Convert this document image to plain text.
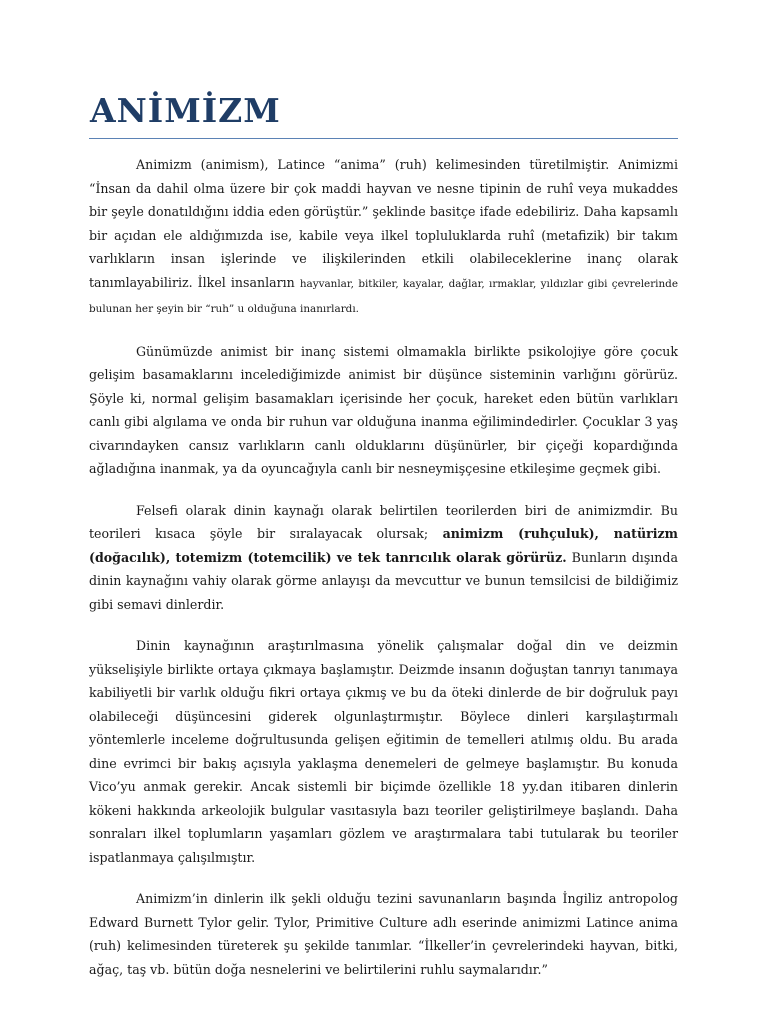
ANİMİZM

Animizm (animism), Latince “anima” (ruh) kelimesinden türetilmiştir. Animizmi “İnsan da dahil olma üzere bir çok maddi hayvan ve nesne tipinin de ruhî veya mukaddes bir şeyle donatıldığını iddia eden görüştür.” şeklinde basitçe ifade edebiliriz. Daha kapsamlı bir açıdan ele aldığımızda ise, kabile veya ilkel topluluklarda ruhî (metafizik) bir takım varlıkların insan işlerinde ve ilişkilerinden etkili olabileceklerine inanç olarak tanımlayabiliriz. İlkel insanların hayvanlar, bitkiler, kayalar, dağlar, ırmaklar, yıldızlar gibi çevrelerinde bulunan her şeyin bir “ruh” u olduğuna inanırlardı.

Günümüzde animist bir inanç sistemi olmamakla birlikte psikolojiye göre çocuk gelişim basamaklarını incelediğimizde animist bir düşünce sisteminin varlığını görürüz. Şöyle ki, normal gelişim basamakları içerisinde her çocuk, hareket eden bütün varlıkları canlı gibi algılama ve onda bir ruhun var olduğuna inanma eğilimindedirler. Çocuklar 3 yaş civarındayken cansız varlıkların canlı olduklarını düşünürler, bir çiçeği kopardığında ağladığına inanmak, ya da oyuncağıyla canlı bir nesneymişçesine etkileşime geçmek gibi.

Felsefi olarak dinin kaynağı olarak belirtilen teorilerden biri de animizmdir. Bu teorileri kısaca şöyle bir sıralayacak olursak; animizm (ruhçuluk), natürizm (doğacılık), totemizm (totemcilik) ve tek tanrıcılık olarak görürüz. Bunların dışında dinin kaynağını vahiy olarak görme anlayışı da mevcuttur ve bunun temsilcisi de bildiğimiz gibi semavi dinlerdir.

Dinin kaynağının araştırılmasına yönelik çalışmalar doğal din ve deizmin yükselişiyle birlikte ortaya çıkmaya başlamıştır. Deizmde insanın doğuştan tanrıyı tanımaya kabiliyetli bir varlık olduğu fikri ortaya çıkmış ve bu da öteki dinlerde de bir doğruluk payı olabileceği düşüncesini giderek olgunlaştırmıştır. Böylece dinleri karşılaştırmalı yöntemlerle inceleme doğrultusunda gelişen eğitimin de temelleri atılmış oldu. Bu arada dine evrimci bir bakış açısıyla yaklaşma denemeleri de gelmeye başlamıştır. Bu konuda Vico’yu anmak gerekir. Ancak sistemli bir biçimde özellikle 18 yy.dan itibaren dinlerin kökeni hakkında arkeolojik bulgular vasıtasıyla bazı teoriler geliştirilmeye başlandı. Daha sonraları ilkel toplumların yaşamları gözlem ve araştırmalara tabi tutularak bu teoriler ispatlanmaya çalışılmıştır.

Animizm’in dinlerin ilk şekli olduğu tezini savunanların başında İngiliz antropolog Edward Burnett Tylor gelir. Tylor, Primitive Culture adlı eserinde animizmi Latince anima (ruh) kelimesinden türeterek şu şekilde tanımlar. “İlkeller’in çevrelerindeki hayvan, bitki, ağaç, taş vb. bütün doğa nesnelerini ve belirtilerini ruhlu saymalarıdır.”
